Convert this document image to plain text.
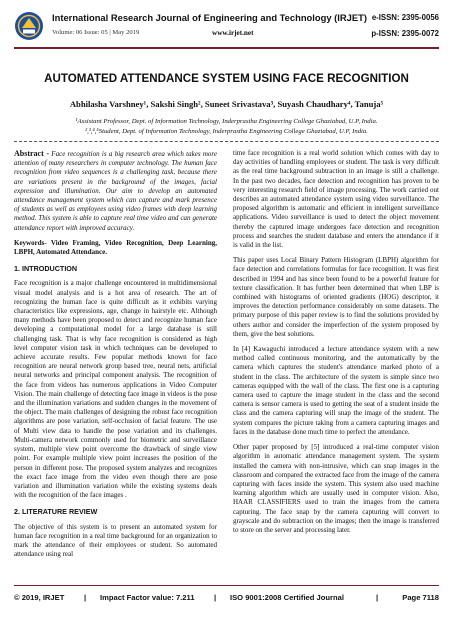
International Research Journal of Engineering and Technology (IRJET)
Volume: 06 Issue: 05 | May 2019	www.irjet.net
e-ISSN: 2395-0056
p-ISSN: 2395-0072
AUTOMATED ATTENDANCE SYSTEM USING FACE RECOGNITION
Abhilasha Varshney¹, Sakshi Singh², Suneet Srivastava³, Suyash Chaudhary⁴, Tanuja⁵
¹Assistant Professor, Dept. of Information Technology, Inderprastha Engineering College Ghaziabad, U.P, India.
²,³,⁴,⁵Student, Dept. of Information Technology, Inderprastha Engineering College Ghaziabad, U.P, India.

Abstract - Face recognition is a big research area which takes more attention of many researchers in computer technology. The human face recognition from video sequences is a challenging task, because there are variations present in the background of the images, facial expression and illumination. Our aim to develop an automated attendance management system which can capture and mark presence of students as well as employees using video frames with deep learning method. This system is able to capture real time video and can generate attendance report with improved accuracy.

Keywords- Video Framing, Video Recognition, Deep Learning, LBPH, Automated Attendance.

1. INTRODUCTION

Face recognition is a major challenge encountered in multidimensional visual model analysis and is a hot area of research. The art of recognizing the human face is quite difficult as it exhibits varying characteristics like expressions, age, change in hairstyle etc. Although many methods have been proposed to detect and recognize human face developing a computational model for a large database is still challenging task. That is why face recognition is considered as high level computer vision task in which techniques can be developed to achieve accurate results. Few popular methods known for face recognition are neural network group based tree, neural nets, artificial neural networks and principal component analysis. The recognition of the face from videos has numerous applications in Video Computer Vision. The main challenge of detecting face image in videos is the pose and the illumination variations and sudden changes in the movement of the object. The main challenges of designing the robust face recognition algorithms are pose variation, self-occlusion of facial feature. The use of Multi view data to handle the pose variation and its challenges. Multi-camera network commonly used for biometric and surveillance system, multiple view point overcome the drawback of single view point. For example multiple view point increases the position of the person in different pose. The proposed system analyzes and recognizes the exact face image from the video even though there are pose variation and illumination variation while the existing systems deals with the recognition of the face images .

2. LITERATURE REVIEW

The objective of this system is to present an automated system for human face recognition in a real time background for an organization to mark the attendance of their employees or student. So automated attendance using real

time face recognition is a real world solution which comes with day to day activities of handling employees or student. The task is very difficult as the real time background subtraction in an image is still a challenge. In the past two decades, face detection and recognition has proven to be very interesting research field of image processing. The work carried out describes an automated attendance system using video surveillance. The proposed algorithm is automatic and efficient in intelligent surveillance applications. Video surveillance is used to detect the object movement thereby the captured image undergoes face detection and recognition process and searches the student database and enters the attendance if it is valid in the list.

This paper uses Local Binary Pattern Histogram (LBPH) algorithm for face detection and correlations formulas for face recognition. It was first described in 1994 and has since been found to be a powerful feature for texture classification. It has further been determined that when LBP is combined with histograms of oriented gradients (HOG) descriptor, it improves the detection performance considerably on some datasets. The primary purpose of this paper review is to find the solutions provided by others author and consider the imperfection of the system proposed by them, give the best solutions.

In [4] Kawaguchi introduced a lecture attendance system with a new method called continuous monitoring, and the automatically by the camera which captures the student's attendance marked photo of a student in the class. The architecture of the system is simple since two cameras equipped with the wall of the class. The first one is a capturing camera used to capture the image student in the class and the second camera is sensor camera is used to getting the seat of a student inside the class and the camera capturing will snap the image of the student. The system compares the picture taking from a camera capturing images and faces in the database done much time to perfect the attendance.

Other paper proposed by [5] introduced a real-time computer vision algorithm in automatic attendance management system. The system installed the camera with non-intrusive, which can snap images in the classroom and compared the extracted face from the image of the camera capturing with faces inside the system. This system also used machine learning algorithm which are usually used in computer vision. Also, HAAR CLASSIFIERS used to train the images from the camera capturing. The face snap by the camera capturing will convert to grayscale and do subtraction on the images; then the image is transferred to store on the server and processing later.

© 2019, IRJET	| Impact Factor value: 7.211	| ISO 9001:2008 Certified Journal	|	Page 7118
